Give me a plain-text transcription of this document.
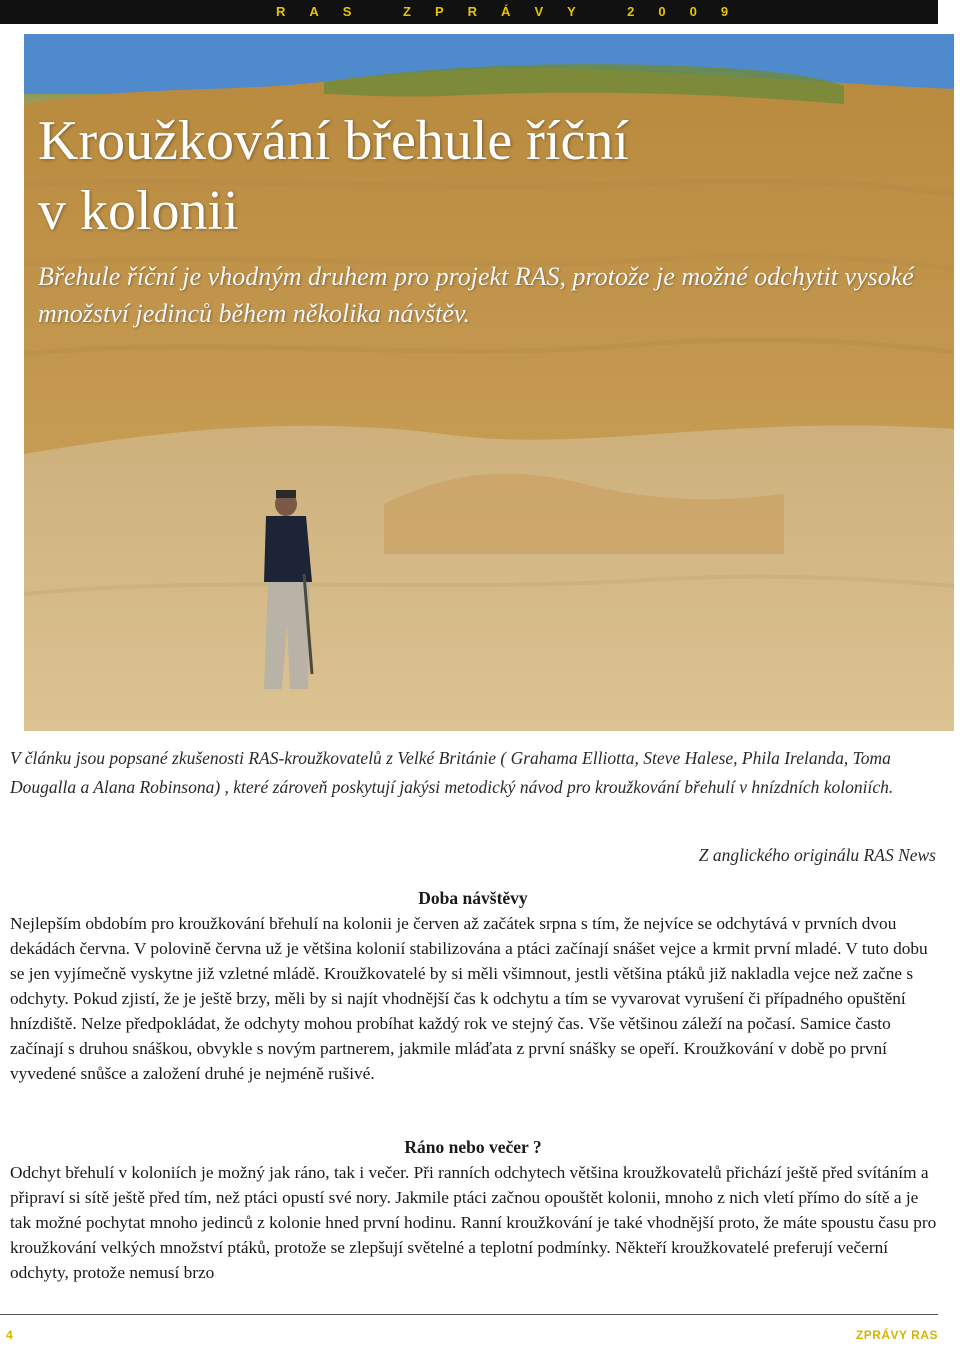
RAS ZPRÁVY 2009
Kroužkování břehule říční
v kolonii

Břehule říční je vhodným druhem pro projekt RAS, protože je možné odchytit vysoké množství jedinců během několika návštěv.

V článku jsou popsané zkušenosti RAS-kroužkovatelů z Velké Británie ( Grahama Elliotta, Steve Halese, Phila Irelanda, Toma Dougalla a Alana Robinsona) , které zároveň poskytují jakýsi metodický návod pro kroužkování břehulí v hnízdních koloniích.

Z anglického originálu RAS News

Doba návštěvy

Nejlepším obdobím pro kroužkování břehulí na kolonii je červen až začátek srpna s tím, že nejvíce se odchytává v prvních dvou dekádách června. V polovině června už je většina kolonií stabilizována a ptáci začínají snášet vejce a krmit první mladé. V tuto dobu se jen vyjímečně vyskytne již vzletné mládě. Kroužkovatelé by si měli všimnout, jestli většina ptáků již nakladla vejce než začne s odchyty. Pokud zjistí, že je ještě brzy, měli by si najít vhodnější čas k odchytu a tím se vyvarovat vyrušení či případného opuštění hnízdiště. Nelze předpokládat, že odchyty mohou probíhat každý rok ve stejný čas. Vše většinou záleží na počasí. Samice často začínají s druhou snáškou, obvykle s novým partnerem, jakmile mláďata z první snášky se opeří. Kroužkování v době po první vyvedené snůšce a založení druhé je nejméně rušivé.

Ráno nebo večer ?

Odchyt břehulí v koloniích je možný jak ráno, tak i večer. Při ranních odchytech většina kroužkovatelů přichází ještě před svítáním a připraví si sítě ještě před tím, než ptáci opustí své nory. Jakmile ptáci začnou opouštět kolonii, mnoho z nich vletí přímo do sítě a je tak možné pochytat mnoho jedinců z kolonie hned první hodinu. Ranní kroužkování je také vhodnější proto, že máte spoustu času pro kroužkování velkých množství ptáků, protože se zlepšují světelné a teplotní podmínky. Někteří kroužkovatelé preferují večerní odchyty, protože nemusí brzo

4	ZPRÁVY RAS
